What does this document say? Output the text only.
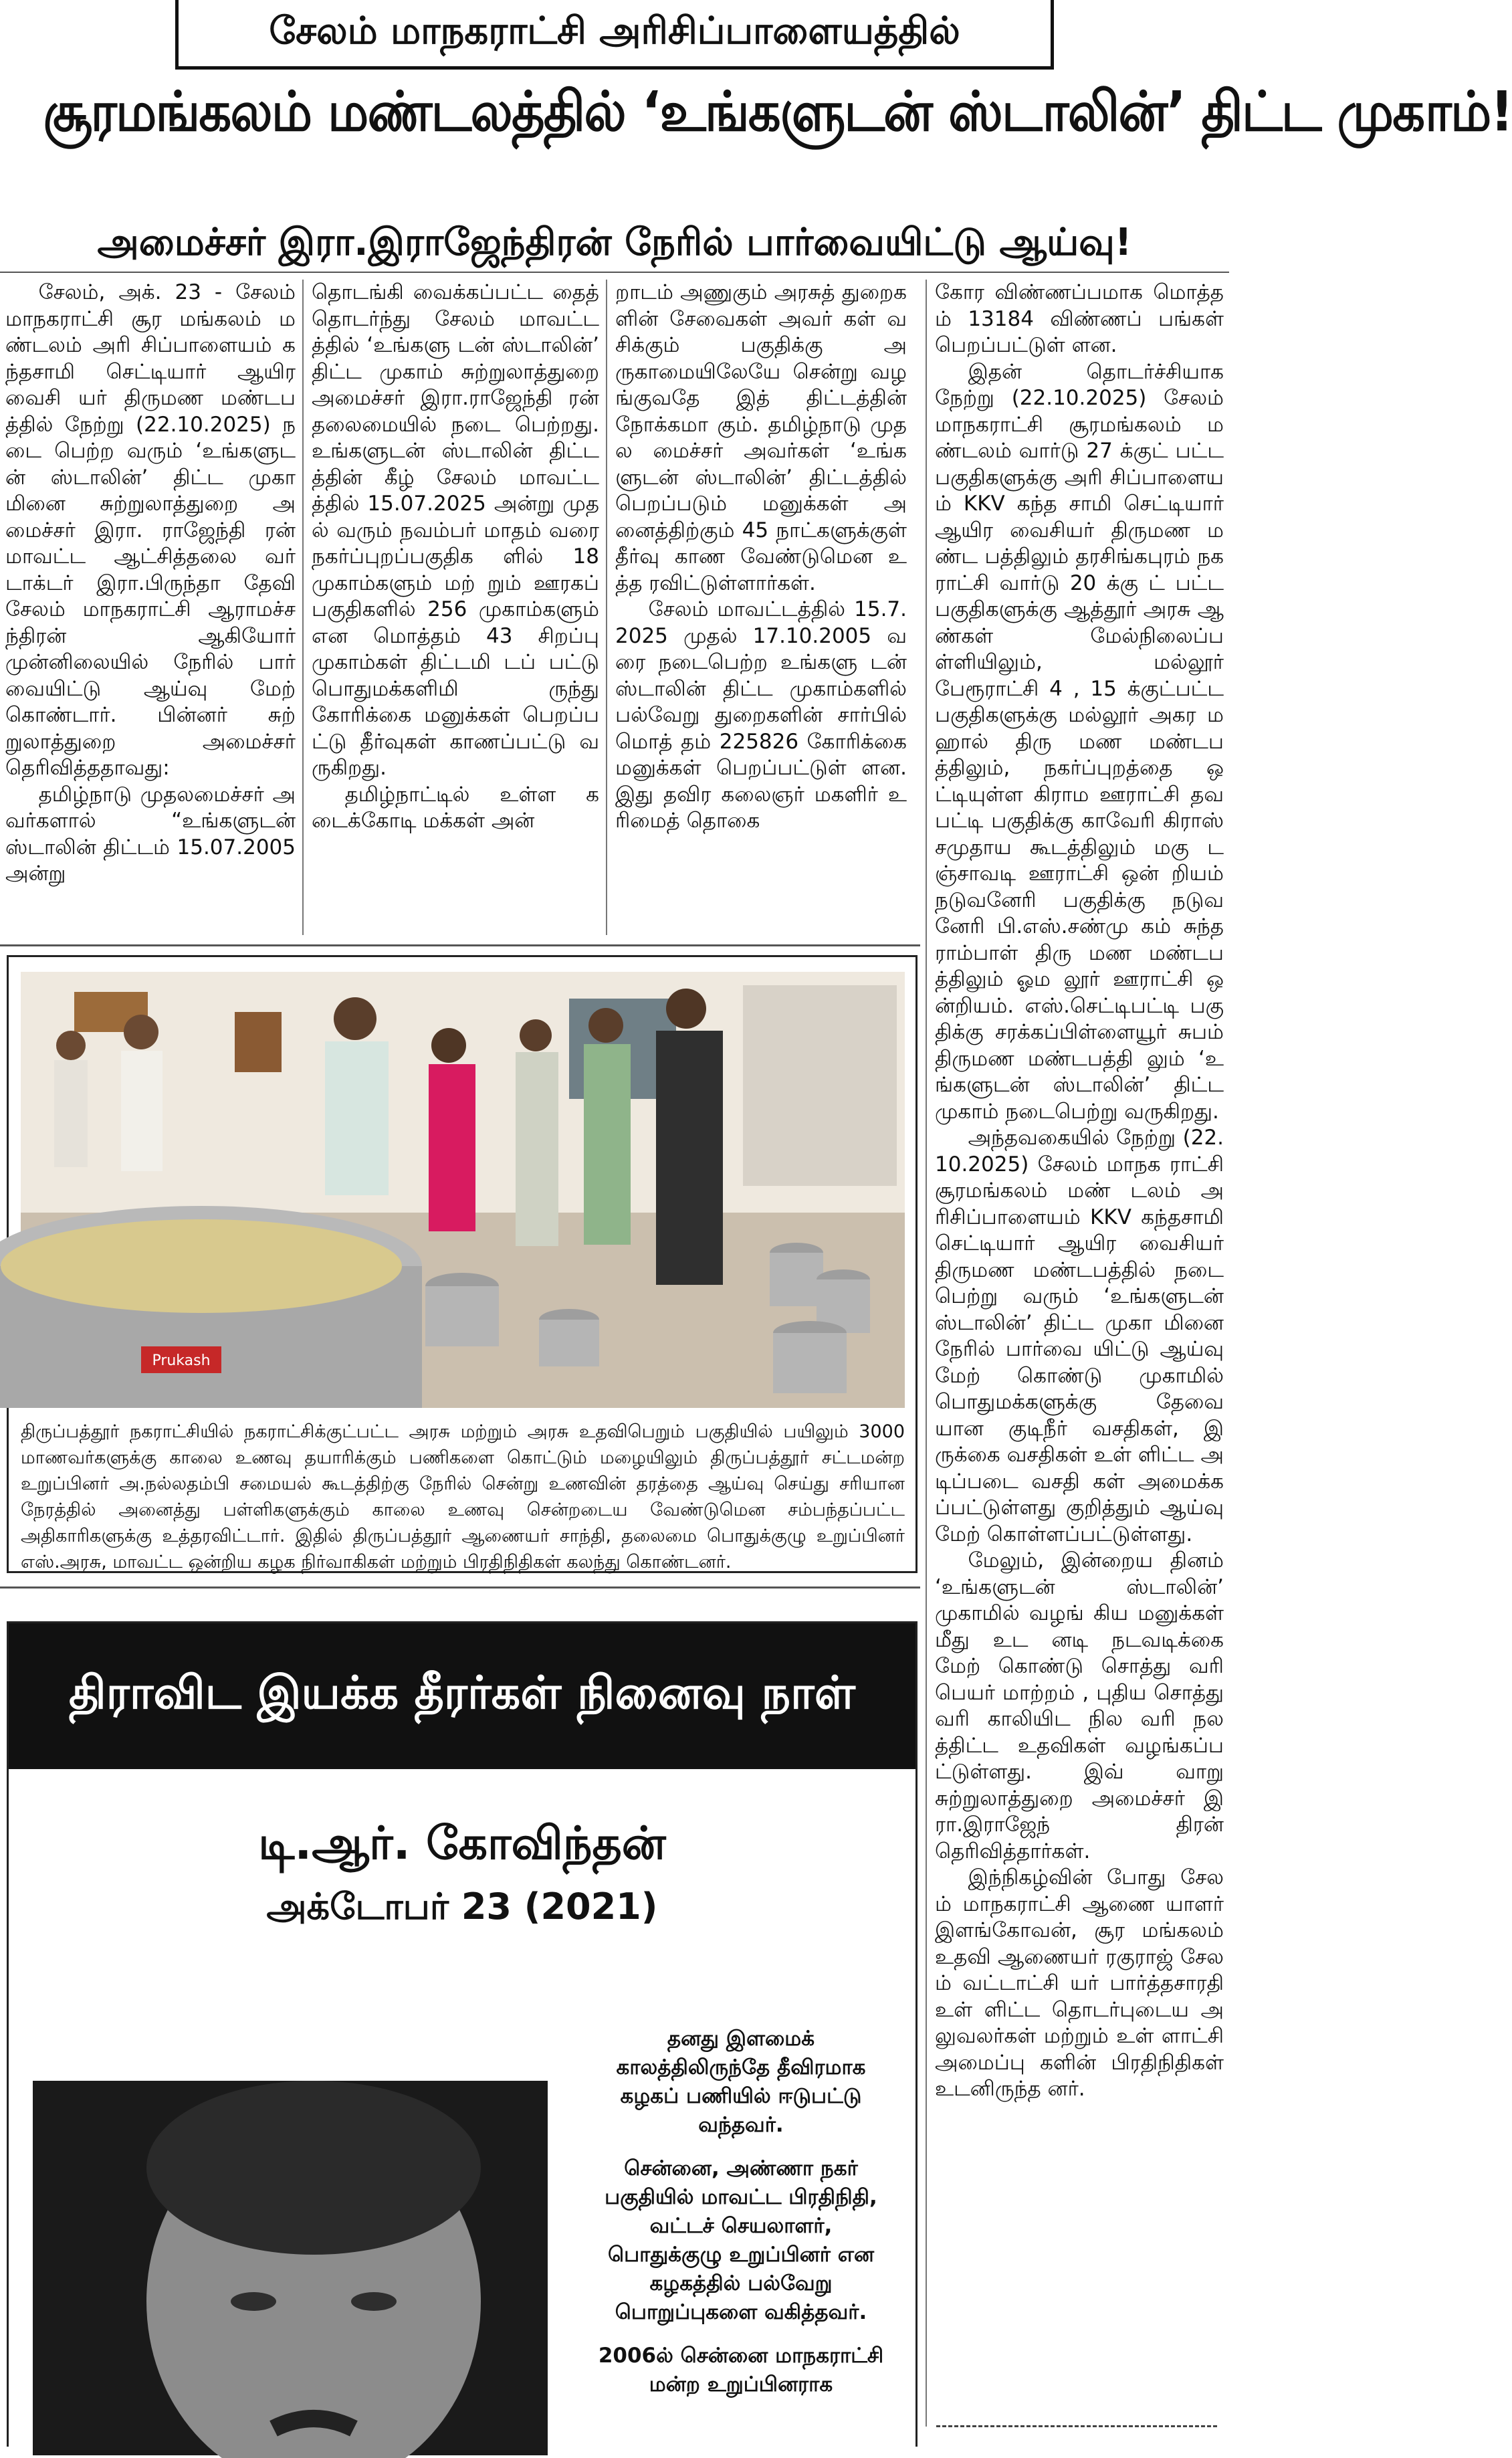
சேலம் மாநகராட்சி அரிசிப்பாளையத்தில்
சூரமங்கலம் மண்டலத்தில் ‘உங்களுடன் ஸ்டாலின்’ திட்ட முகாம்!
அமைச்சர் இரா.இராஜேந்திரன் நேரில் பார்வையிட்டு ஆய்வு!

சேலம், அக். 23 - சேலம் மாநகராட்சி சூர மங்கலம் மண்டலம் அரி சிப்பாளையம் கந்தசாமி செட்டியார் ஆயிர வைசி யர் திருமண மண்டபத்தில் நேற்று (22.10.2025) நடை பெற்ற வரும் ‘உங்களுடன் ஸ்டாலின்’ திட்ட முகா மினை சுற்றுலாத்துறை அமைச்சர் இரா. ராஜேந்தி ரன் மாவட்ட ஆட்சித்தலை வர் டாக்டர் இரா.பிருந்தா தேவி சேலம் மாநகராட்சி ஆராமச்சந்திரன் ஆகியோர் முன்னிலையில் நேரில் பார் வையிட்டு ஆய்வு மேற் கொண்டார். பின்னர் சுற் றுலாத்துறை அமைச்சர் தெரிவித்ததாவது:

தமிழ்நாடு முதலமைச்சர் அவர்களால் “உங்களுடன் ஸ்டாலின் திட்டம் 15.07.2005 அன்று

தொடங்கி வைக்கப்பட்ட தைத் தொடர்ந்து சேலம் மாவட்டத்தில் ‘உங்களு டன் ஸ்டாலின்’ திட்ட முகாம் சுற்றுலாத்துறை அமைச்சர் இரா.ராஜேந்தி ரன் தலைமையில் நடை பெற்றது. உங்களுடன் ஸ்டாலின் திட்டத்தின் கீழ் சேலம் மாவட்டத்தில் 15.07.2025 அன்று முதல் வரும் நவம்பர் மாதம் வரை நகர்ப்புறப்பகுதிக ளில் 18 முகாம்களும் மற் றும் ஊரகப் பகுதிகளில் 256 முகாம்களும் என மொத்தம் 43 சிறப்பு முகாம்கள் திட்டமி டப் பட்டு பொதுமக்களிமி ருந்து கோரிக்கை மனுக்கள் பெறப்பட்டு தீர்வுகள் காணப்பட்டு வருகிறது.

தமிழ்நாட்டில் உள்ள கடைக்கோடி மக்கள் அன்

றாடம் அணுகும் அரசுத் துறைகளின் சேவைகள் அவர் கள் வசிக்கும் பகுதிக்கு அருகாமையிலேயே சென்று வழங்குவதே இத் திட்டத்தின் நோக்கமா கும். தமிழ்நாடு முதல மைச்சர் அவர்கள் ‘உங்களுடன் ஸ்டாலின்’ திட்டத்தில் பெறப்படும் மனுக்கள் அனைத்திற்கும் 45 நாட்களுக்குள் தீர்வு காண வேண்டுமென உத்த ரவிட்டுள்ளார்கள்.

சேலம் மாவட்டத்தில் 15.7.2025 முதல் 17.10.2005 வரை நடைபெற்ற உங்களு டன் ஸ்டாலின் திட்ட முகாம்களில் பல்வேறு துறைகளின் சார்பில் மொத் தம் 225826 கோரிக்கை மனுக்கள் பெறப்பட்டுள் ளன. இது தவிர கலைஞர் மகளிர் உரிமைத் தொகை

கோர விண்ணப்பமாக மொத்தம் 13184 விண்ணப் பங்கள் பெறப்பட்டுள் ளன.

இதன் தொடர்ச்சியாக நேற்று (22.10.2025) சேலம் மாநகராட்சி சூரமங்கலம் மண்டலம் வார்டு 27 க்குட் பட்ட பகுதிகளுக்கு அரி சிப்பாளையம் KKV கந்த சாமி செட்டியார் ஆயிர வைசியர் திருமண மண்ட பத்திலும் தரசிங்கபுரம் நக ராட்சி வார்டு 20 க்கு ட் பட்ட பகுதிகளுக்கு ஆத்தூர் அரசு ஆண்கள் மேல்நிலைப்பள்ளியிலும், மல்லூர் பேரூராட்சி 4 , 15 க்குட்பட்ட பகுதிகளுக்கு மல்லூர் அகர மஹால் திரு மண மண்டபத்திலும், நகர்ப்புறத்தை ஒட்டியுள்ள கிராம ஊராட்சி தவபட்டி பகுதிக்கு காவேரி கிராஸ் சமுதாய கூடத்திலும் மகு டஞ்சாவடி ஊராட்சி ஒன் றியம் நடுவனேரி பகுதிக்கு நடுவனேரி பி.எஸ்.சண்மு கம் சுந்தராம்பாள் திரு மண மண்டபத்திலும் ஓம லூர் ஊராட்சி ஒன்றியம். எஸ்.செட்டிபட்டி பகு திக்கு சரக்கப்பிள்ளையூர் சுபம் திருமண மண்டபத்தி லும் ‘உங்களுடன் ஸ்டாலின்’ திட்ட முகாம் நடைபெற்று வருகிறது.

அந்தவகையில் நேற்று (22.10.2025) சேலம் மாநக ராட்சி சூரமங்கலம் மண் டலம் அரிசிப்பாளையம் KKV கந்தசாமி செட்டியார் ஆயிர வைசியர் திருமண மண்டபத்தில் நடை பெற்று வரும் ‘உங்களுடன் ஸ்டாலின்’ திட்ட முகா மினை நேரில் பார்வை யிட்டு ஆய்வு மேற் கொண்டு முகாமில் பொதுமக்களுக்கு தேவை யான குடிநீர் வசதிகள், இருக்கை வசதிகள் உள் ளிட்ட அடிப்படை வசதி கள் அமைக்கப்பட்டுள்ளது குறித்தும் ஆய்வு மேற் கொள்ளப்பட்டுள்ளது.

மேலும், இன்றைய தினம் ‘உங்களுடன் ஸ்டாலின்’ முகாமில் வழங் கிய மனுக்கள் மீது உட னடி நடவடிக்கை மேற் கொண்டு சொத்து வரி பெயர் மாற்றம் , புதிய சொத்து வரி காலியிட நில வரி நலத்திட்ட உதவிகள் வழங்கப்பட்டுள்ளது. இவ் வாறு சுற்றுலாத்துறை அமைச்சர் இரா.இராஜேந் திரன் தெரிவித்தார்கள்.

இந்நிகழ்வின் போது சேலம் மாநகராட்சி ஆணை யாளர் இளங்கோவன், சூர மங்கலம் உதவி ஆணையர் ரகுராஜ் சேலம் வட்டாட்சி யர் பார்த்தசாரதி உள் ளிட்ட தொடர்புடைய அலுவலர்கள் மற்றும் உள் ளாட்சி அமைப்பு களின் பிரதிநிதிகள் உடனிருந்த னர்.

Prukash
திருப்பத்தூர் நகராட்சியில் நகராட்சிக்குட்பட்ட அரசு மற்றும் அரசு உதவிபெறும் பகுதியில் பயிலும் 3000 மாணவர்களுக்கு காலை உணவு தயாரிக்கும் பணிகளை கொட்டும் மழையிலும் திருப்பத்தூர் சட்டமன்ற உறுப்பினர் அ.நல்லதம்பி சமையல் கூடத்திற்கு நேரில் சென்று உணவின் தரத்தை ஆய்வு செய்து சரியான நேரத்தில் அனைத்து பள்ளிகளுக்கும் காலை உணவு சென்றடைய வேண்டுமென சம்பந்தப்பட்ட அதிகாரிகளுக்கு உத்தரவிட்டார். இதில் திருப்பத்தூர் ஆணையர் சாந்தி, தலைமை பொதுக்குழு உறுப்பினர் எஸ்.அரசு, மாவட்ட ஒன்றிய கழக நிர்வாகிகள் மற்றும் பிரதிநிதிகள் கலந்து கொண்டனர்.
திராவிட இயக்க தீரர்கள் நினைவு நாள்
டி.ஆர். கோவிந்தன்
அக்டோபர் 23 (2021)
தனது இளமைக் காலத்திலிருந்தே தீவிரமாக கழகப் பணியில் ஈடுபட்டு வந்தவர்.
சென்னை, அண்ணா நகர் பகுதியில் மாவட்ட பிரதிநிதி, வட்டச் செயலாளர், பொதுக்குழு உறுப்பினர் என கழகத்தில் பல்வேறு பொறுப்புகளை வகித்தவர்.
2006ல் சென்னை மாநகராட்சி மன்ற உறுப்பினராக
